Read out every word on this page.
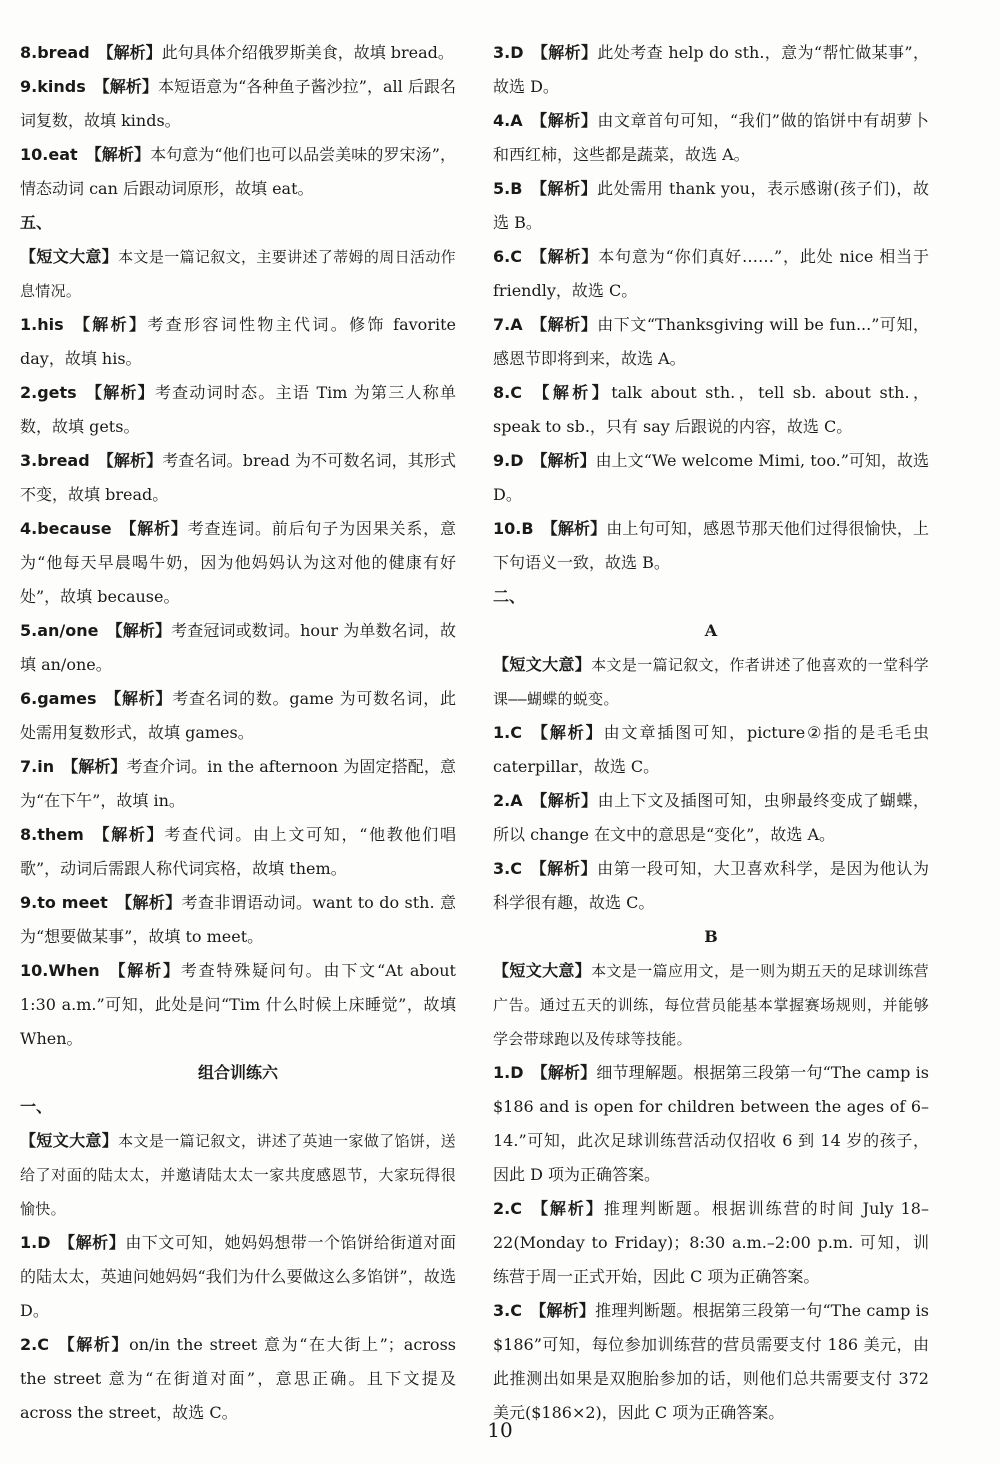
8.bread 【解析】此句具体介绍俄罗斯美食，故填 bread。

9.kinds 【解析】本短语意为“各种鱼子酱沙拉”，all 后跟名词复数，故填 kinds。

10.eat 【解析】本句意为“他们也可以品尝美味的罗宋汤”，情态动词 can 后跟动词原形，故填 eat。

五、

【短文大意】本文是一篇记叙文，主要讲述了蒂姆的周日活动作息情况。

1.his 【解析】考查形容词性物主代词。修饰 favorite day，故填 his。

2.gets 【解析】考查动词时态。主语 Tim 为第三人称单数，故填 gets。

3.bread 【解析】考查名词。bread 为不可数名词，其形式不变，故填 bread。

4.because 【解析】考查连词。前后句子为因果关系，意为“他每天早晨喝牛奶，因为他妈妈认为这对他的健康有好处”，故填 because。

5.an/one 【解析】考查冠词或数词。hour 为单数名词，故填 an/one。

6.games 【解析】考查名词的数。game 为可数名词，此处需用复数形式，故填 games。

7.in 【解析】考查介词。in the afternoon 为固定搭配，意为“在下午”，故填 in。

8.them 【解析】考查代词。由上文可知，“他教他们唱歌”，动词后需跟人称代词宾格，故填 them。

9.to meet 【解析】考查非谓语动词。want to do sth. 意为“想要做某事”，故填 to meet。

10.When 【解析】考查特殊疑问句。由下文“At about 1:30 a.m.”可知，此处是问“Tim 什么时候上床睡觉”，故填 When。

组合训练六

一、

【短文大意】本文是一篇记叙文，讲述了英迪一家做了馅饼，送给了对面的陆太太，并邀请陆太太一家共度感恩节，大家玩得很愉快。

1.D 【解析】由下文可知，她妈妈想带一个馅饼给街道对面的陆太太，英迪问她妈妈“我们为什么要做这么多馅饼”，故选 D。

2.C 【解析】on/in the street 意为“在大街上”；across the street 意为“在街道对面”，意思正确。且下文提及 across the street，故选 C。

3.D 【解析】此处考查 help do sth.，意为“帮忙做某事”，故选 D。

4.A 【解析】由文章首句可知，“我们”做的馅饼中有胡萝卜和西红柿，这些都是蔬菜，故选 A。

5.B 【解析】此处需用 thank you，表示感谢(孩子们)，故选 B。

6.C 【解析】本句意为“你们真好……”，此处 nice 相当于 friendly，故选 C。

7.A 【解析】由下文“Thanksgiving will be fun...”可知，感恩节即将到来，故选 A。

8.C 【解析】talk about sth.，tell sb. about sth.，speak to sb.，只有 say 后跟说的内容，故选 C。

9.D 【解析】由上文“We welcome Mimi, too.”可知，故选 D。

10.B 【解析】由上句可知，感恩节那天他们过得很愉快，上下句语义一致，故选 B。

二、

A

【短文大意】本文是一篇记叙文，作者讲述了他喜欢的一堂科学课——蝴蝶的蜕变。

1.C 【解析】由文章插图可知，picture②指的是毛毛虫 caterpillar，故选 C。

2.A 【解析】由上下文及插图可知，虫卵最终变成了蝴蝶，所以 change 在文中的意思是“变化”，故选 A。

3.C 【解析】由第一段可知，大卫喜欢科学，是因为他认为科学很有趣，故选 C。

B

【短文大意】本文是一篇应用文，是一则为期五天的足球训练营广告。通过五天的训练，每位营员能基本掌握赛场规则，并能够学会带球跑以及传球等技能。

1.D 【解析】细节理解题。根据第三段第一句“The camp is $186 and is open for children between the ages of 6–14.”可知，此次足球训练营活动仅招收 6 到 14 岁的孩子，因此 D 项为正确答案。

2.C 【解析】推理判断题。根据训练营的时间 July 18–22(Monday to Friday)；8:30 a.m.–2:00 p.m. 可知，训练营于周一正式开始，因此 C 项为正确答案。

3.C 【解析】推理判断题。根据第三段第一句“The camp is $186”可知，每位参加训练营的营员需要支付 186 美元，由此推测出如果是双胞胎参加的话，则他们总共需要支付 372 美元($186×2)，因此 C 项为正确答案。

10
